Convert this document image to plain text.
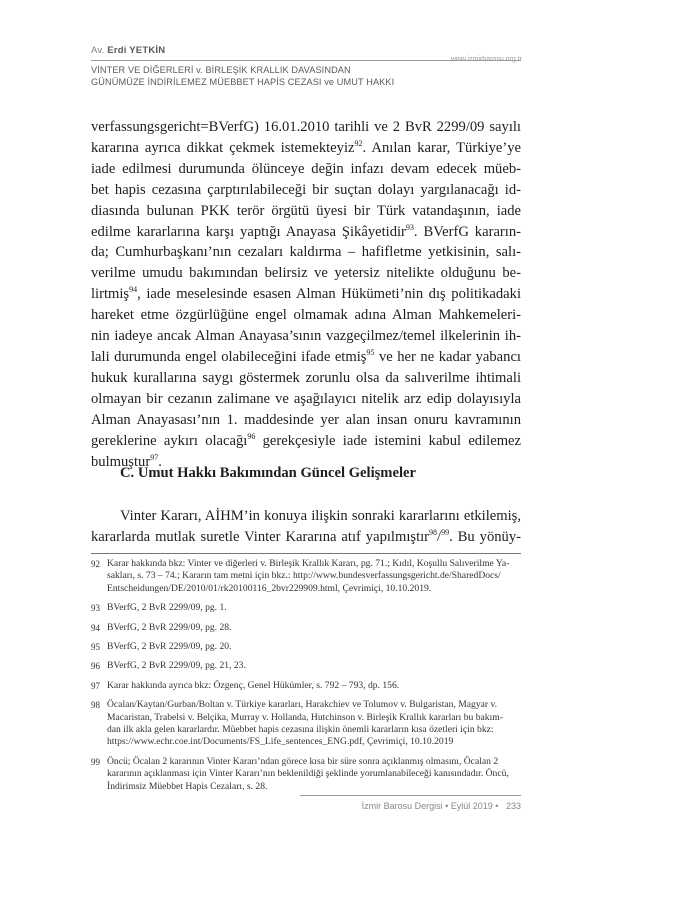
Av. Erdi YETKİN
www.izmirbarosu.org.tr
VİNTER VE DİĞERLERİ v. BİRLEŞİK KRALLIK DAVASINDAN
GÜNÜMÜZE İNDİRİLEMEZ MÜEBBET HAPİS CEZASI ve UMUT HAKKI
verfassungsgericht=BVerfG) 16.01.2010 tarihli ve 2 BvR 2299/09 sayılı
kararına ayrıca dikkat çekmek istemekteyiz$^{92}$. Anılan karar, Türkiye’ye
iade edilmesi durumunda ölünceye değin infazı devam edecek müeb-
bet hapis cezasına çarptırılabileceği bir suçtan dolayı yargılanacağı id-
diasında bulunan PKK terör örgütü üyesi bir Türk vatandaşının, iade
edilme kararlarına karşı yaptığı Anayasa Şikâyetidir$^{93}$. BVerfG kararın-
da; Cumhurbaşkanı’nın cezaları kaldırma – hafifletme yetkisinin, salı-
verilme umudu bakımından belirsiz ve yetersiz nitelikte olduğunu be-
lirtmiş$^{94}$, iade meselesinde esasen Alman Hükümeti’nin dış politikadaki
hareket etme özgürlüğüne engel olmamak adına Alman Mahkemeleri-
nin iadeye ancak Alman Anayasa’sının vazgeçilmez/temel ilkelerinin ih-
lali durumunda engel olabileceğini ifade etmiş$^{95}$ ve her ne kadar yabancı
hukuk kurallarına saygı göstermek zorunlu olsa da salıverilme ihtimali
olmayan bir cezanın zalimane ve aşağılayıcı nitelik arz edip dolayısıyla
Alman Anayasası’nın 1. maddesinde yer alan insan onuru kavramının
gereklerine aykırı olacağı$^{96}$ gerekçesiyle iade istemini kabul edilemez
bulmuştur$^{97}$.
C. Umut Hakkı Bakımından Güncel Gelişmeler
Vinter Kararı, AİHM’in konuya ilişkin sonraki kararlarını etkilemiş,
kararlarda mutlak suretle Vinter Kararına atıf yapılmıştır$^{98}$/$^{99}$. Bu yönüy-
92 Karar hakkında bkz: Vinter ve diğerleri v. Birleşik Krallık Kararı, pg. 71.; Kıdıl, Koşullu Salıverilme Ya-
sakları, s. 73 – 74.; Kararın tam metni için bkz.: http://www.bundesverfassungsgericht.de/SharedDocs/
Entscheidungen/DE/2010/01/rk20100116_2bvr229909.html, Çevrimiçi, 10.10.2019.
93 BVerfG, 2 BvR 2299/09, pg. 1.
94 BVerfG, 2 BvR 2299/09, pg. 28.
95 BVerfG, 2 BvR 2299/09, pg. 20.
96 BVerfG, 2 BvR 2299/09, pg. 21, 23.
97 Karar hakkında ayrıca bkz: Özgenç, Genel Hükümler, s. 792 – 793, dp. 156.
98 Öcalan/Kaytan/Gurban/Boltan v. Türkiye kararları, Harakchiev ve Tolumov v. Bulgaristan, Magyar v.
Macaristan, Trabelsi v. Belçika, Murray v. Hollanda, Hutchinson v. Birleşik Krallık kararları bu bakım-
dan ilk akla gelen kararlardır. Müebbet hapis cezasına ilişkin önemli kararların kısa özetleri için bkz:
https://www.echr.coe.int/Documents/FS_Life_sentences_ENG.pdf, Çevrimiçi, 10.10.2019
99 Öncü; Öcalan 2 kararının Vinter Kararı’ndan görece kısa bir süre sonra açıklanmış olmasını, Öcalan 2
kararının açıklanması için Vinter Kararı’nın beklenildiği şeklinde yorumlanabileceği kanısındadır. Öncü,
İndirimsiz Müebbet Hapis Cezaları, s. 28.
İzmir Barosu Dergisi • Eylül 2019 • 233
